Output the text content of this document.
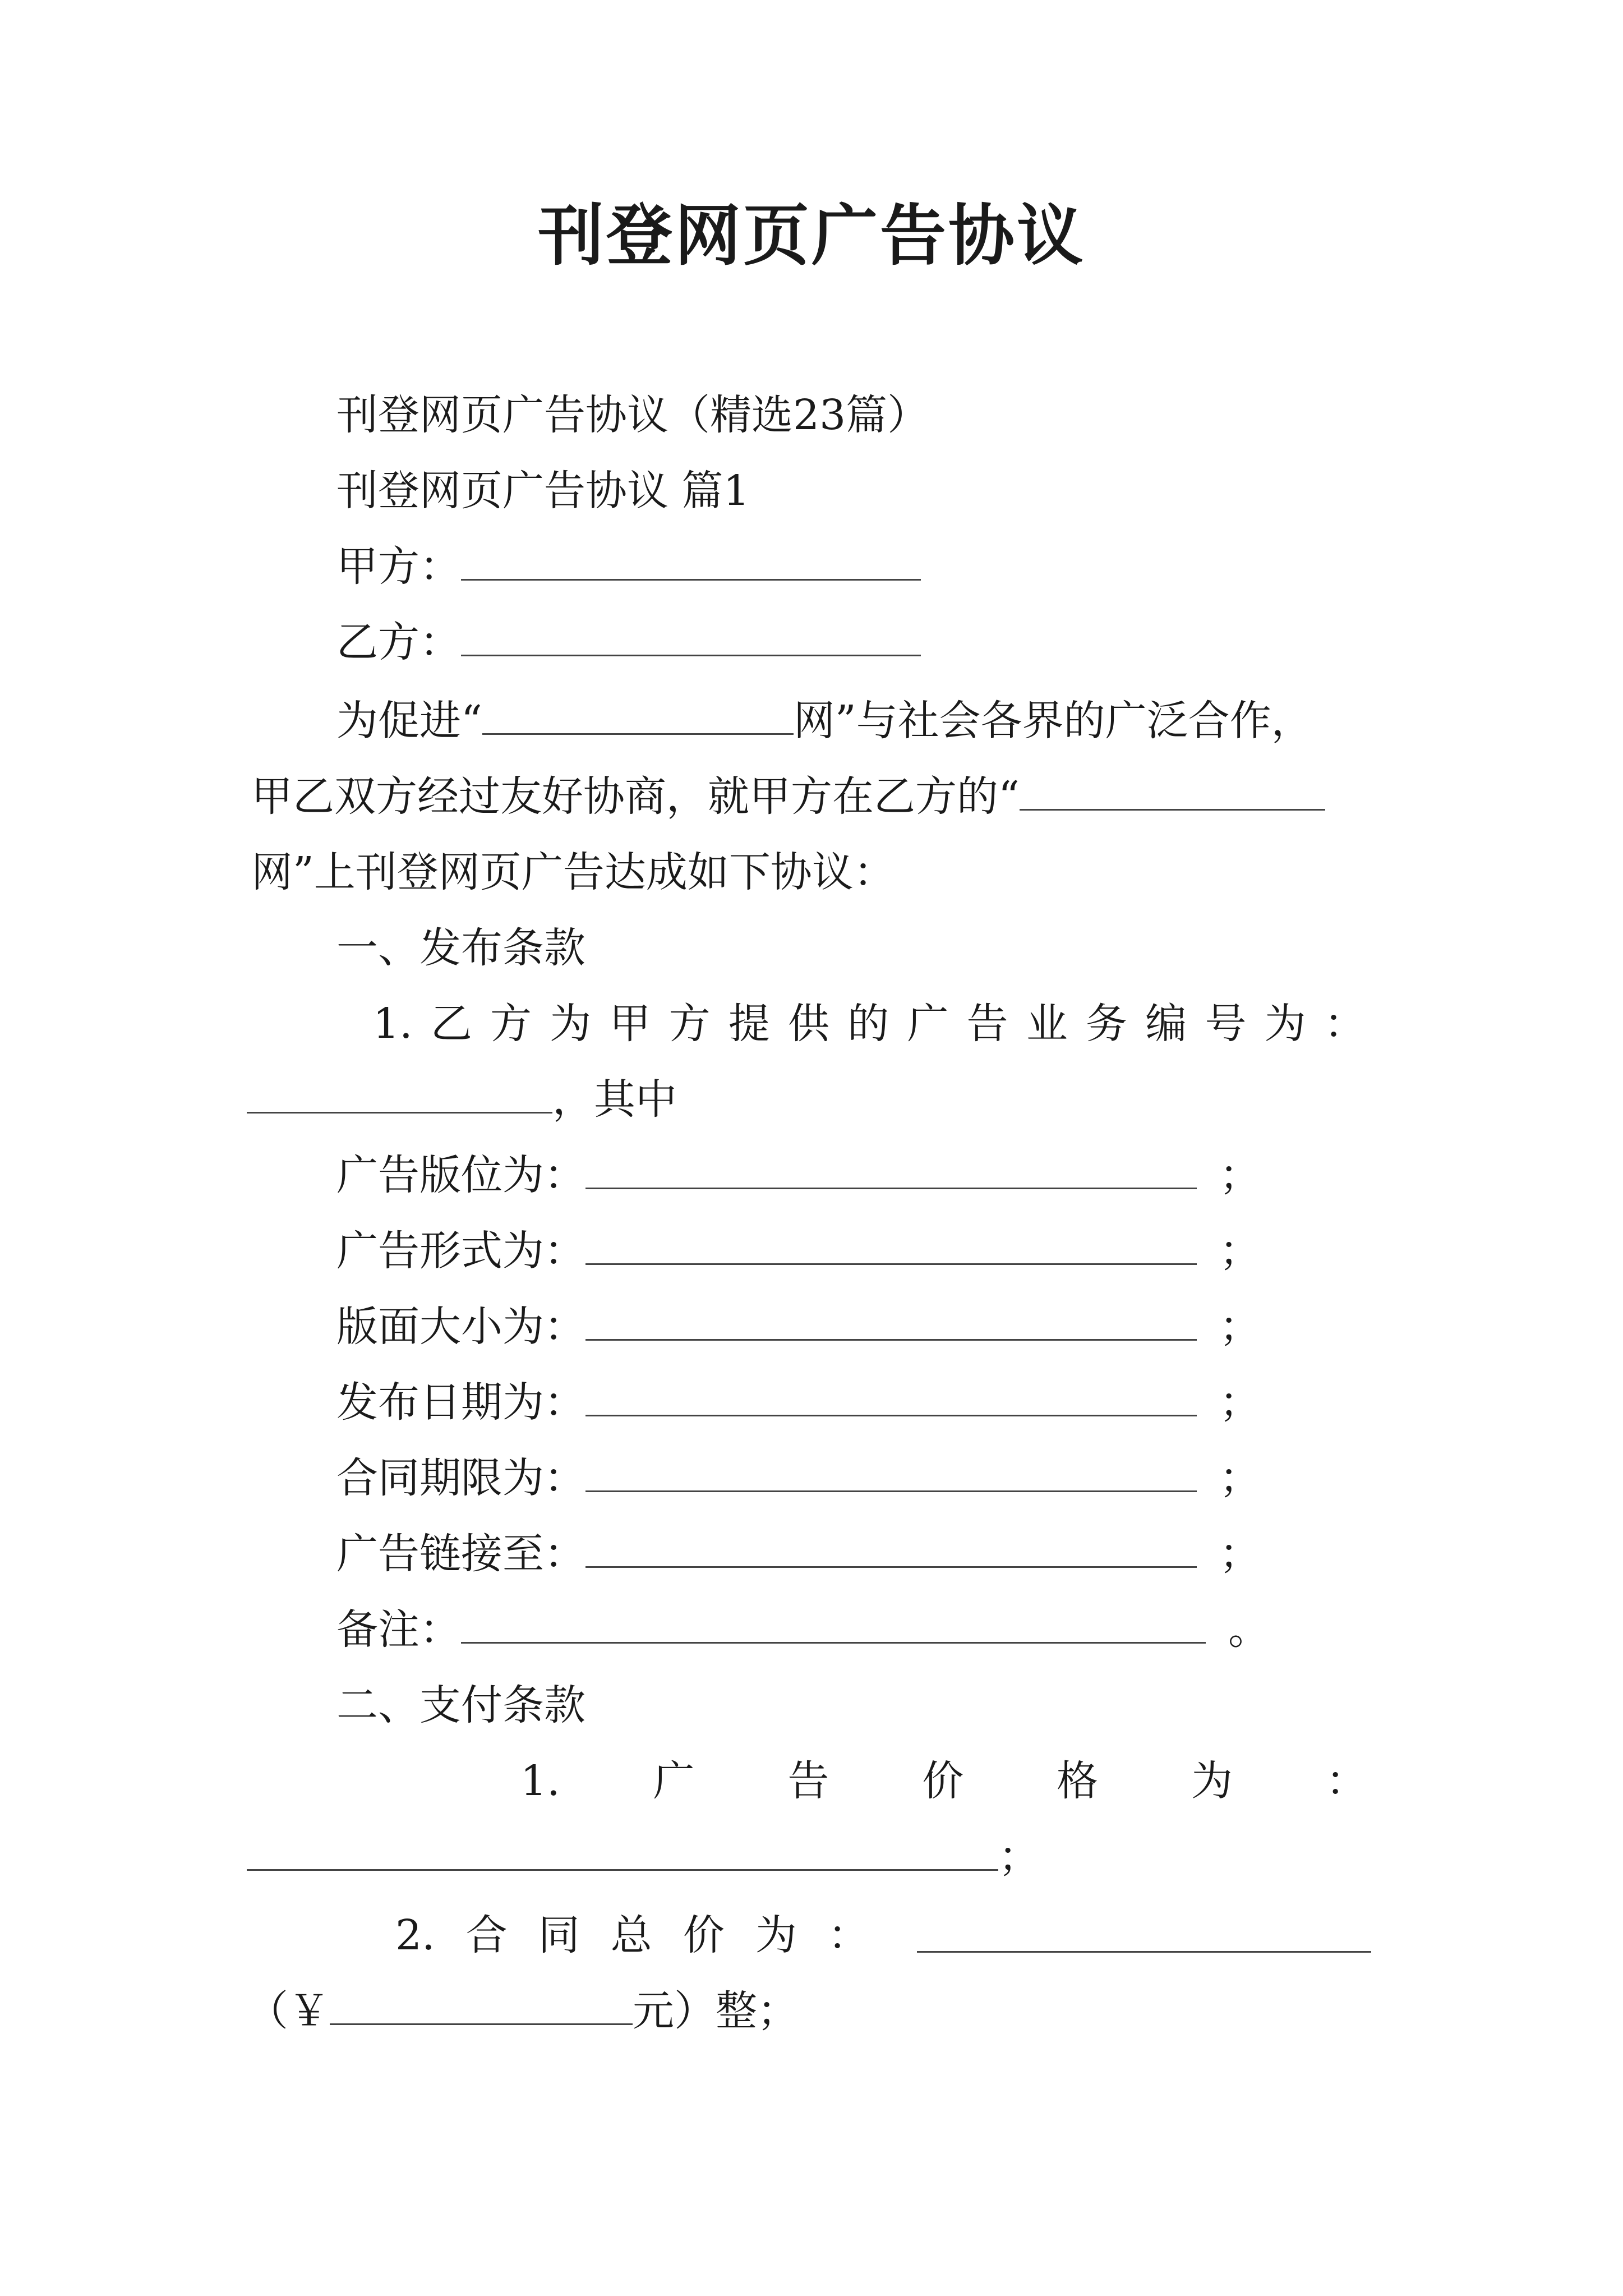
刊登网页广告协议
刊登网页广告协议（精选23篇）
刊登网页广告协议 篇1
甲方：
乙方：
为促进“	网”与社会各界的广泛合作，
甲乙双方经过友好协商，就甲方在乙方的“
网”上刊登网页广告达成如下协议：
一、发布条款
1. 乙 方 为 甲 方 提 供 的 广 告 业 务 编 号 为 ：
，其中
广告版位为：	；
广告形式为：	；
版面大小为：	；
发布日期为：	；
合同期限为：	；
广告链接至：	；
备注：	。
二、支付条款
1. 广 告 价 格 为 ：
；
2. 合 同 总 价 为 ：
（￥	元）整；
